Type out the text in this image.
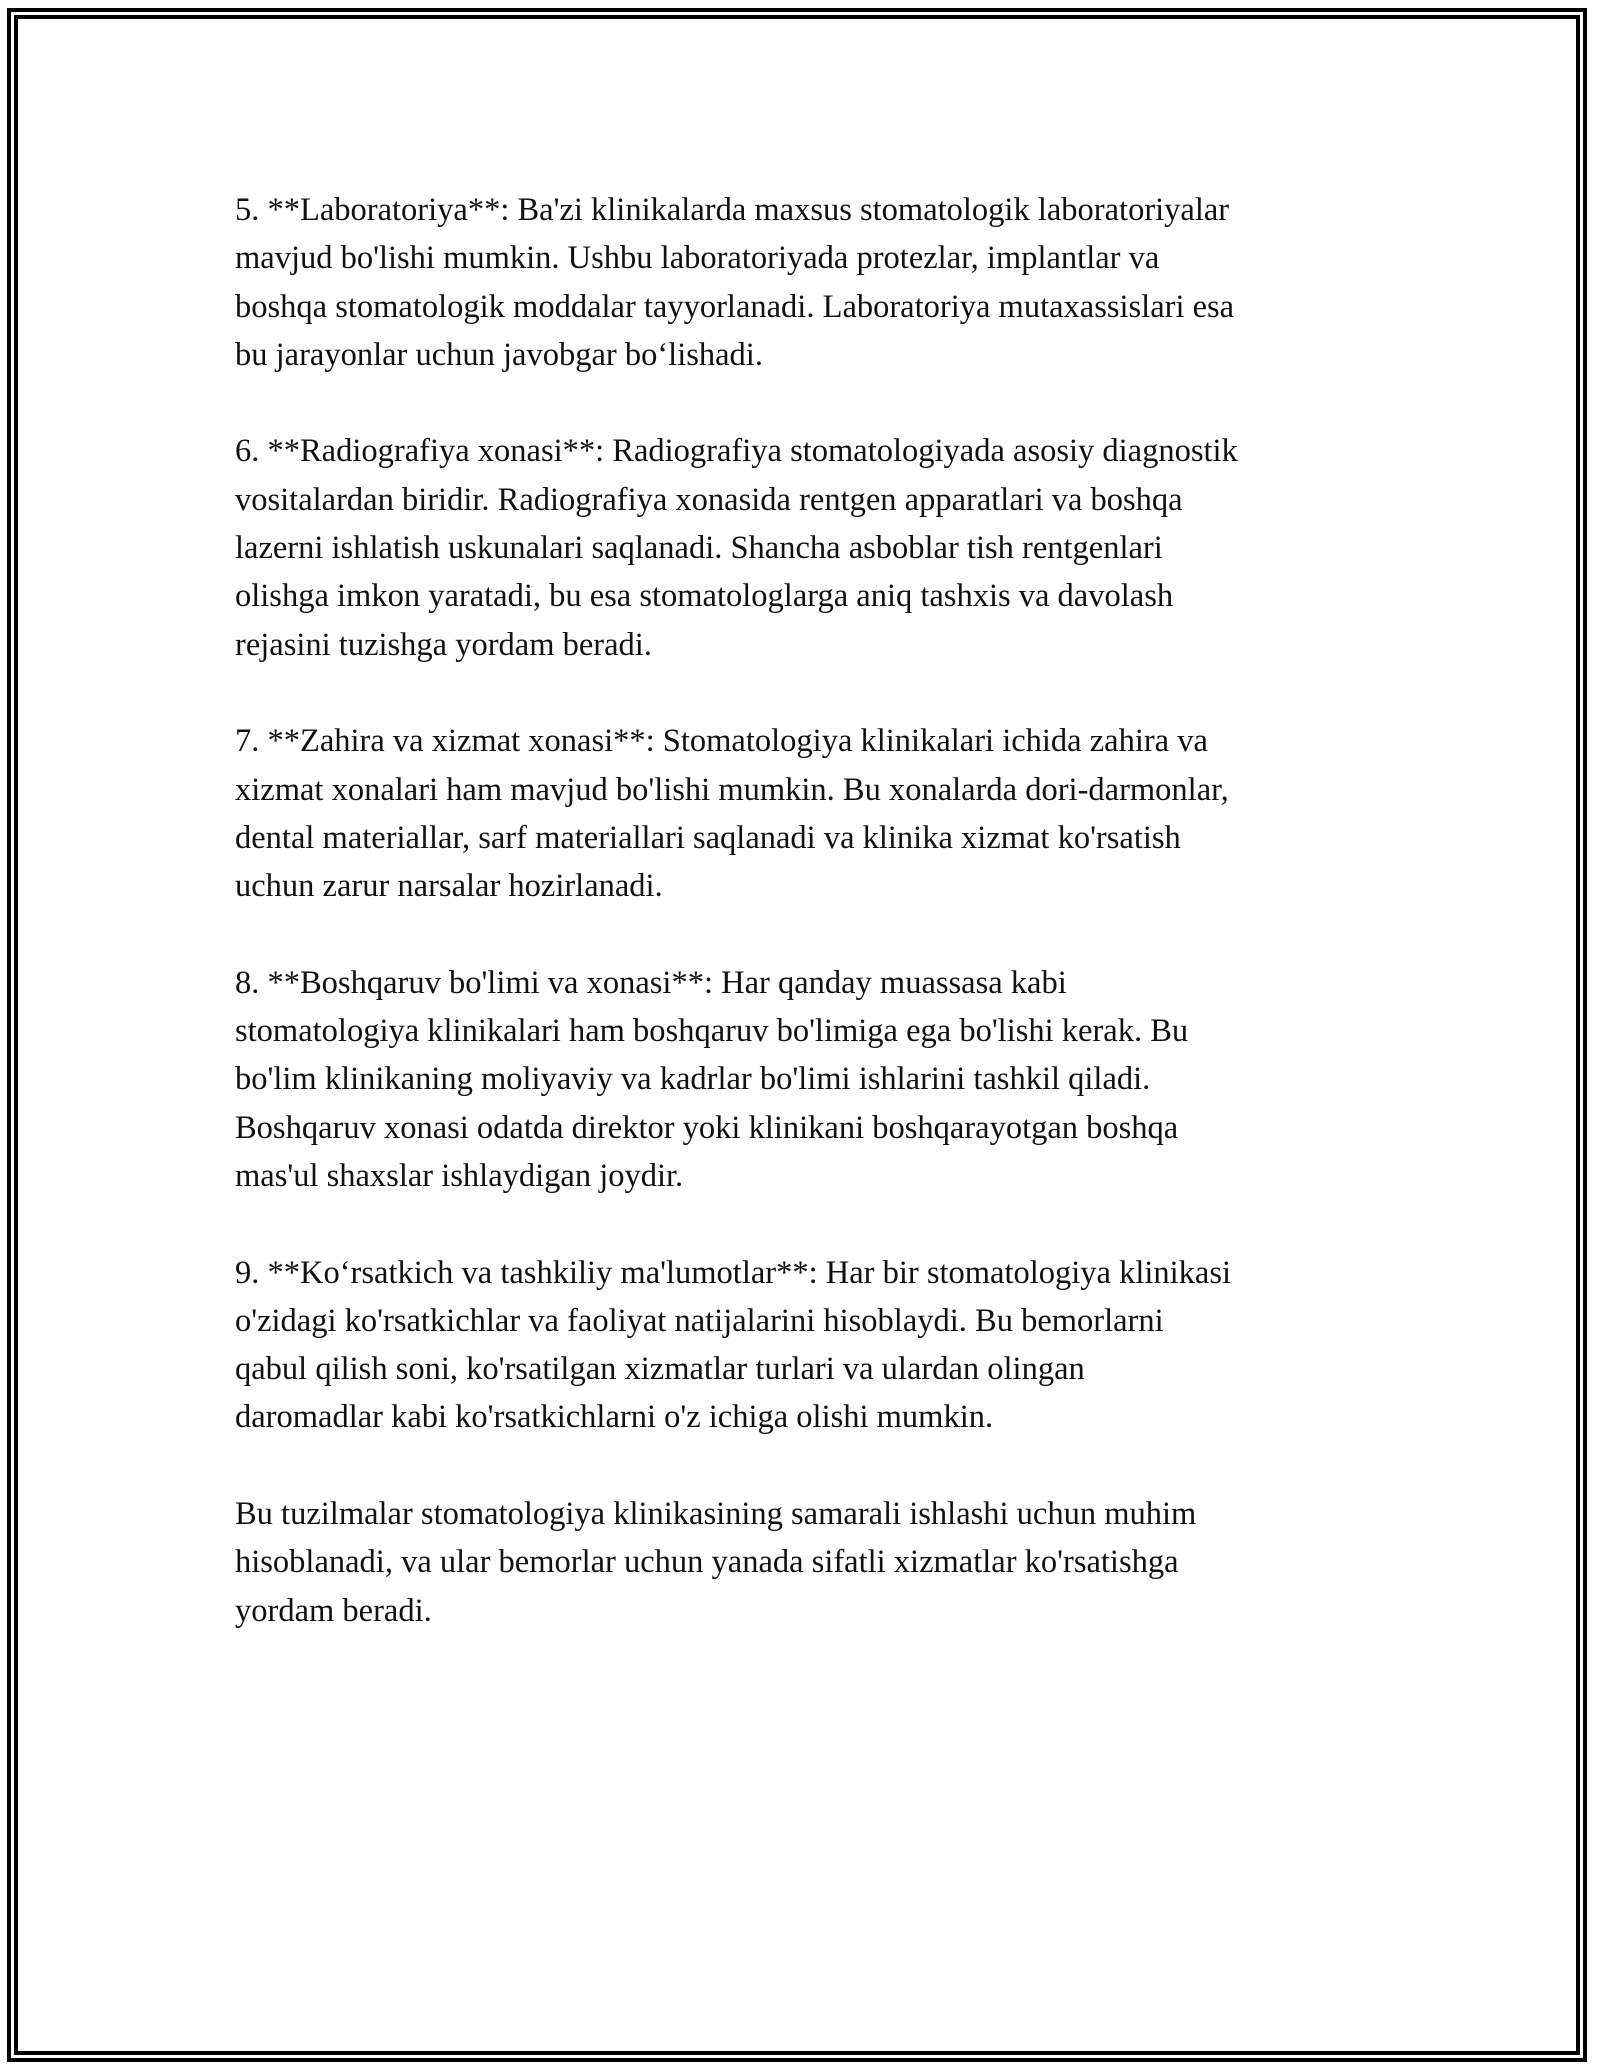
5. **Laboratoriya**: Ba'zi klinikalarda maxsus stomatologik laboratoriyalar
mavjud bo'lishi mumkin. Ushbu laboratoriyada protezlar, implantlar va
boshqa stomatologik moddalar tayyorlanadi. Laboratoriya mutaxassislari esa
bu jarayonlar uchun javobgar bo‘lishadi.

6. **Radiografiya xonasi**: Radiografiya stomatologiyada asosiy diagnostik
vositalardan biridir. Radiografiya xonasida rentgen apparatlari va boshqa
lazerni ishlatish uskunalari saqlanadi. Shancha asboblar tish rentgenlari
olishga imkon yaratadi, bu esa stomatologlarga aniq tashxis va davolash
rejasini tuzishga yordam beradi.

7. **Zahira va xizmat xonasi**: Stomatologiya klinikalari ichida zahira va
xizmat xonalari ham mavjud bo'lishi mumkin. Bu xonalarda dori-darmonlar,
dental materiallar, sarf materiallari saqlanadi va klinika xizmat ko'rsatish
uchun zarur narsalar hozirlanadi.

8. **Boshqaruv bo'limi va xonasi**: Har qanday muassasa kabi
stomatologiya klinikalari ham boshqaruv bo'limiga ega bo'lishi kerak. Bu
bo'lim klinikaning moliyaviy va kadrlar bo'limi ishlarini tashkil qiladi.
Boshqaruv xonasi odatda direktor yoki klinikani boshqarayotgan boshqa
mas'ul shaxslar ishlaydigan joydir.

9. **Ko‘rsatkich va tashkiliy ma'lumotlar**: Har bir stomatologiya klinikasi
o'zidagi ko'rsatkichlar va faoliyat natijalarini hisoblaydi. Bu bemorlarni
qabul qilish soni, ko'rsatilgan xizmatlar turlari va ulardan olingan
daromadlar kabi ko'rsatkichlarni o'z ichiga olishi mumkin.

Bu tuzilmalar stomatologiya klinikasining samarali ishlashi uchun muhim
hisoblanadi, va ular bemorlar uchun yanada sifatli xizmatlar ko'rsatishga
yordam beradi.
